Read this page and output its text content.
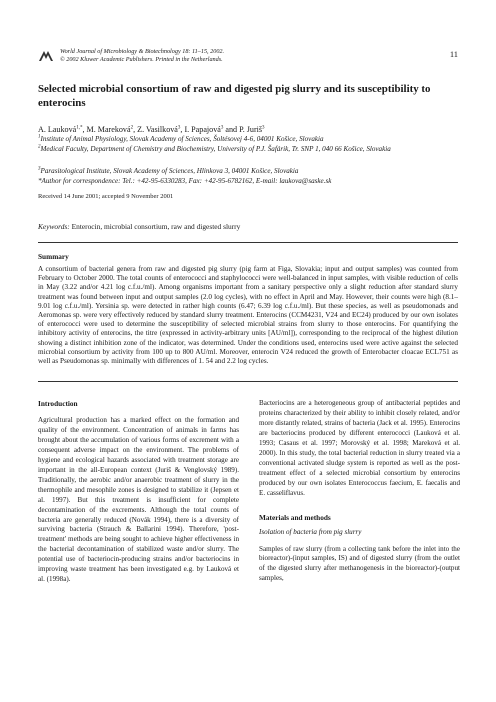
World Journal of Microbiology & Biotechnology 18: 11–15, 2002.
© 2002 Kluwer Academic Publishers. Printed in the Netherlands.	11
Selected microbial consortium of raw and digested pig slurry and its susceptibility to enterocins
A. Lauková$^{1,*}$, M. Mareková$^2$, Z. Vasilková$^3$, I. Papajová$^3$ and P. Juriš$^3$
$^1$Institute of Animal Physiology, Slovak Academy of Sciences, Šoltésovej 4-6, 04001 Košice, Slovakia
$^2$Medical Faculty, Department of Chemistry and Biochemistry, University of P.J. Šafárik, Tr. SNP 1, 040 66 Košice, Slovakia
$^3$Parasitological Institute, Slovak Academy of Sciences, Hlinkova 3, 04001 Košice, Slovakia
*Author for correspondence: Tel.: +42-95-6330283, Fax: +42-95-6782162, E-mail: laukova@saske.sk
Received 14 June 2001; accepted 9 November 2001
Keywords: Enterocin, microbial consortium, raw and digested slurry
Summary
A consortium of bacterial genera from raw and digested pig slurry (pig farm at Figa, Slovakia; input and output samples) was counted from February to October 2000. The total counts of enterococci and staphylococci were well-balanced in input samples, with visible reduction of cells in May (3.22 and/or 4.21 log c.f.u./ml). Among organisms important from a sanitary perspective only a slight reduction after standard slurry treatment was found between input and output samples (2.0 log cycles), with no effect in April and May. However, their counts were high (8.1–9.01 log c.f.u./ml). Yersinia sp. were detected in rather high counts (6.47; 6.39 log c.f.u./ml). But these species, as well as pseudomonads and Aeromonas sp. were very effectively reduced by standard slurry treatment. Enterocins (CCM4231, V24 and EC24) produced by our own isolates of enterococci were used to determine the susceptibility of selected microbial strains from slurry to those enterocins. For quantifying the inhibitory activity of enterocins, the titre (expressed in activity-arbitrary units [AU/ml]), corresponding to the reciprocal of the highest dilution showing a distinct inhibition zone of the indicator, was determined. Under the conditions used, enterocins used were active against the selected microbial consortium by activity from 100 up to 800 AU/ml. Moreover, enterocin V24 reduced the growth of Enterobacter cloacae ECL751 as well as Pseudomonas sp. minimally with differences of 1. 54 and 2.2 log cycles.
Introduction

Agricultural production has a marked effect on the formation and quality of the environment. Concentration of animals in farms has brought about the accumulation of various forms of excrement with a consequent adverse impact on the environment. The problems of hygiene and ecological hazards associated with treatment storage are important in the all-European context (Juriš & Venglovský 1989). Traditionally, the aerobic and/or anaerobic treatment of slurry in the thermophile and mesophile zones is designed to stabilize it (Jepsen et al. 1997). But this treatment is insufficient for complete decontamination of the excrements. Although the total counts of bacteria are generally reduced (Novák 1994), there is a diversity of surviving bacteria (Strauch & Ballarini 1994). Therefore, 'post-treatment' methods are being sought to achieve higher effectiveness in the bacterial decontamination of stabilized waste and/or slurry. The potential use of bacteriocin-producing strains and/or bacteriocins in improving waste treatment has been investigated e.g. by Lauková et al. (1998a).

Bacteriocins are a heterogeneous group of antibacterial peptides and proteins characterized by their ability to inhibit closely related, and/or more distantly related, strains of bacteria (Jack et al. 1995). Enterocins are bacteriocins produced by different enterococci (Lauková et al. 1993; Casaus et al. 1997; Morovský et al. 1998; Mareková et al. 2000). In this study, the total bacterial reduction in slurry treated via a conventional activated sludge system is reported as well as the post-treatment effect of a selected microbial consortium by enterocins produced by our own isolates Enterococcus faecium, E. faecalis and E. casseliflavus.

Materials and methods
Isolation of bacteria from pig slurry

Samples of raw slurry (from a collecting tank before the inlet into the bioreactor)-(input samples, IS) and of digested slurry (from the outlet of the digested slurry after methanogenesis in the bioreactor)-(output samples,
